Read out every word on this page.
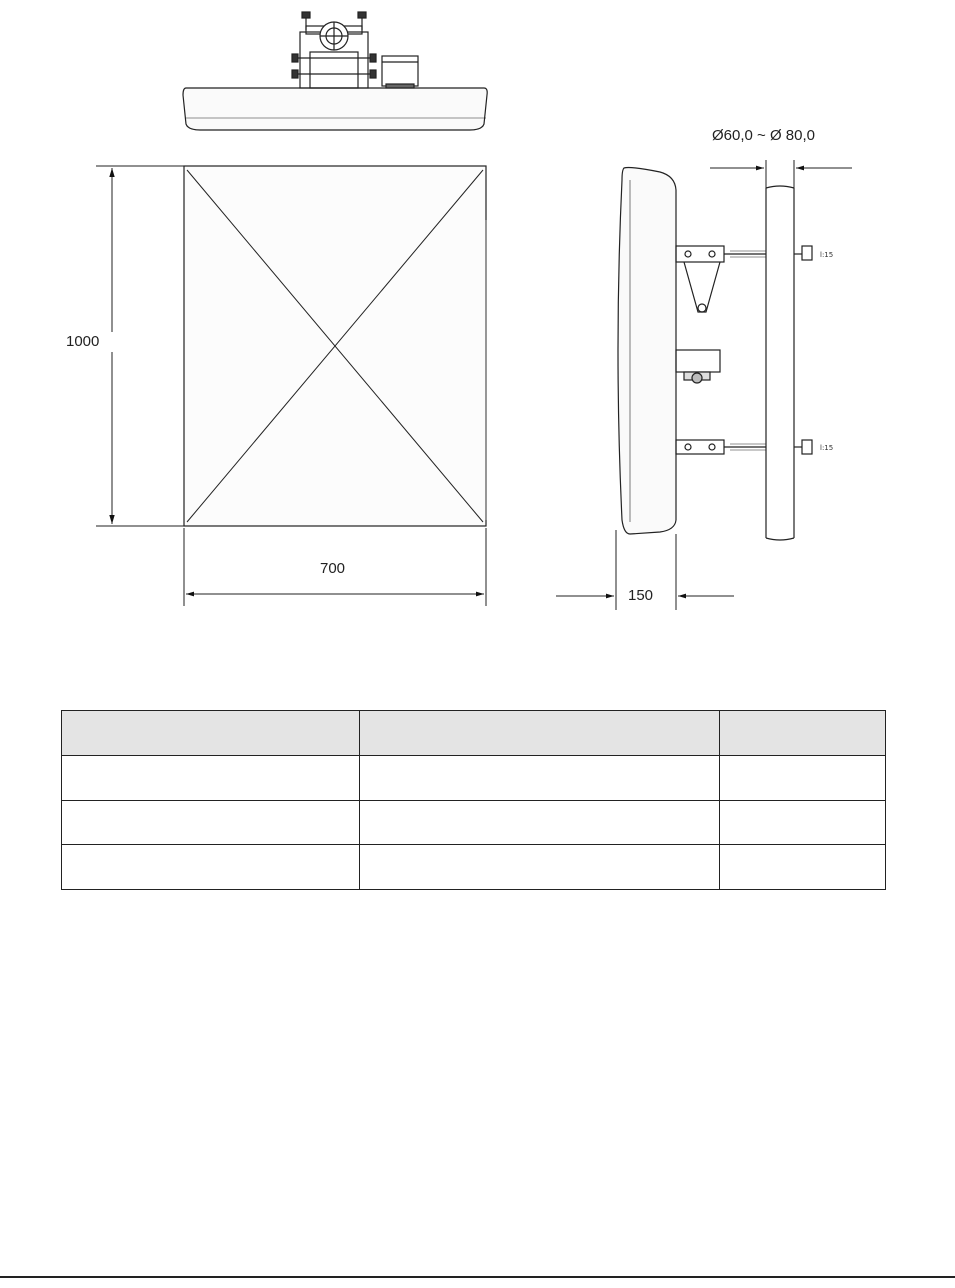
1000
700
l:15
l:15
Ø60,0 ~ Ø 80,0
150
